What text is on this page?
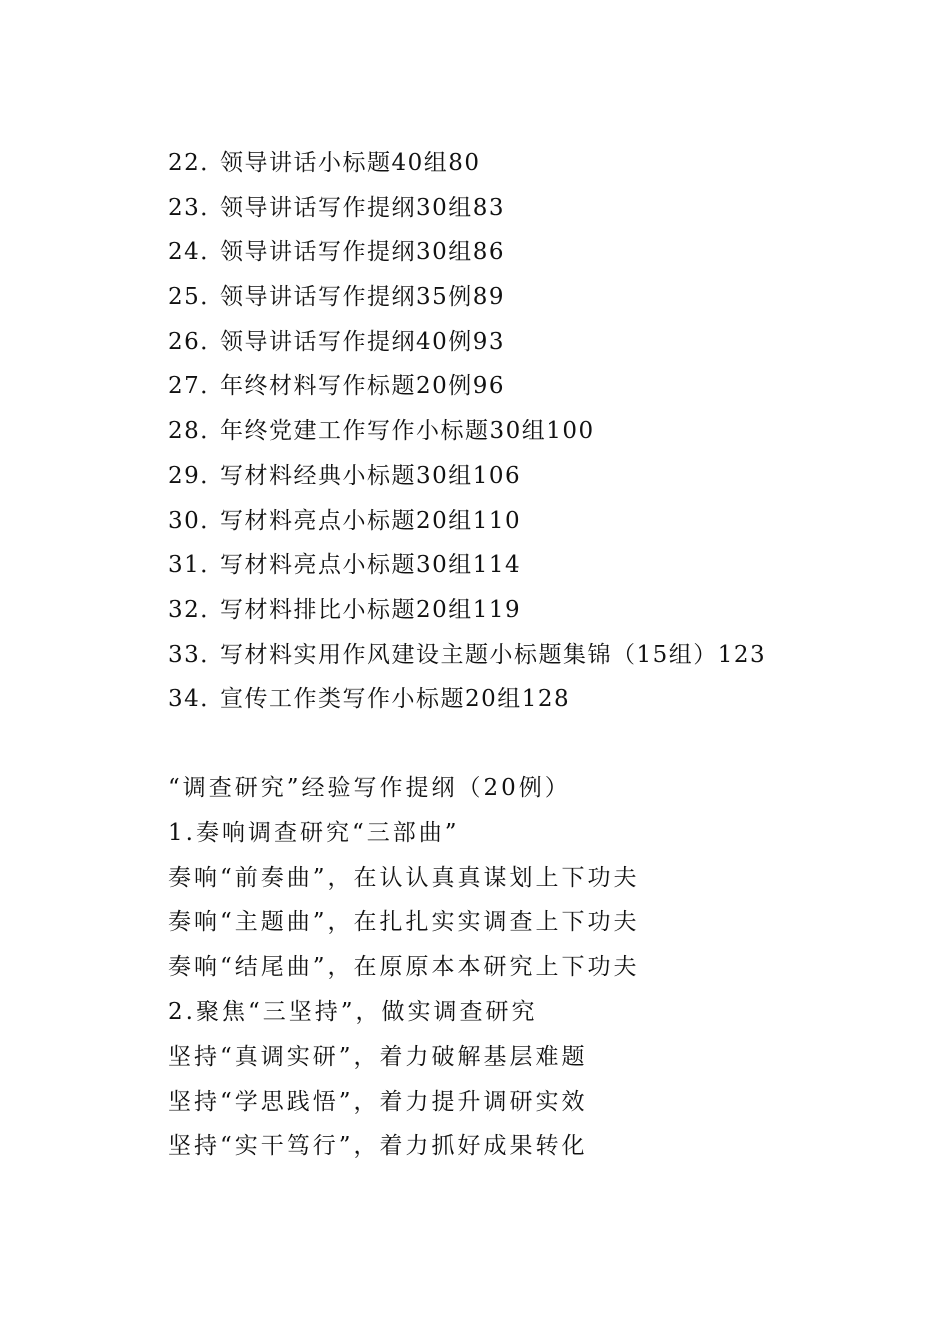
22．领导讲话小标题40组80
23．领导讲话写作提纲30组83
24．领导讲话写作提纲30组86
25．领导讲话写作提纲35例89
26．领导讲话写作提纲40例93
27．年终材料写作标题20例96
28．年终党建工作写作小标题30组100
29．写材料经典小标题30组106
30．写材料亮点小标题20组110
31．写材料亮点小标题30组114
32．写材料排比小标题20组119
33．写材料实用作风建设主题小标题集锦（15组）123
34．宣传工作类写作小标题20组128
“调查研究”经验写作提纲（20例）
1.奏响调查研究“三部曲”
奏响“前奏曲”，在认认真真谋划上下功夫
奏响“主题曲”，在扎扎实实调查上下功夫
奏响“结尾曲”，在原原本本研究上下功夫
2.聚焦“三坚持”，做实调查研究
坚持“真调实研”，着力破解基层难题
坚持“学思践悟”，着力提升调研实效
坚持“实干笃行”，着力抓好成果转化
